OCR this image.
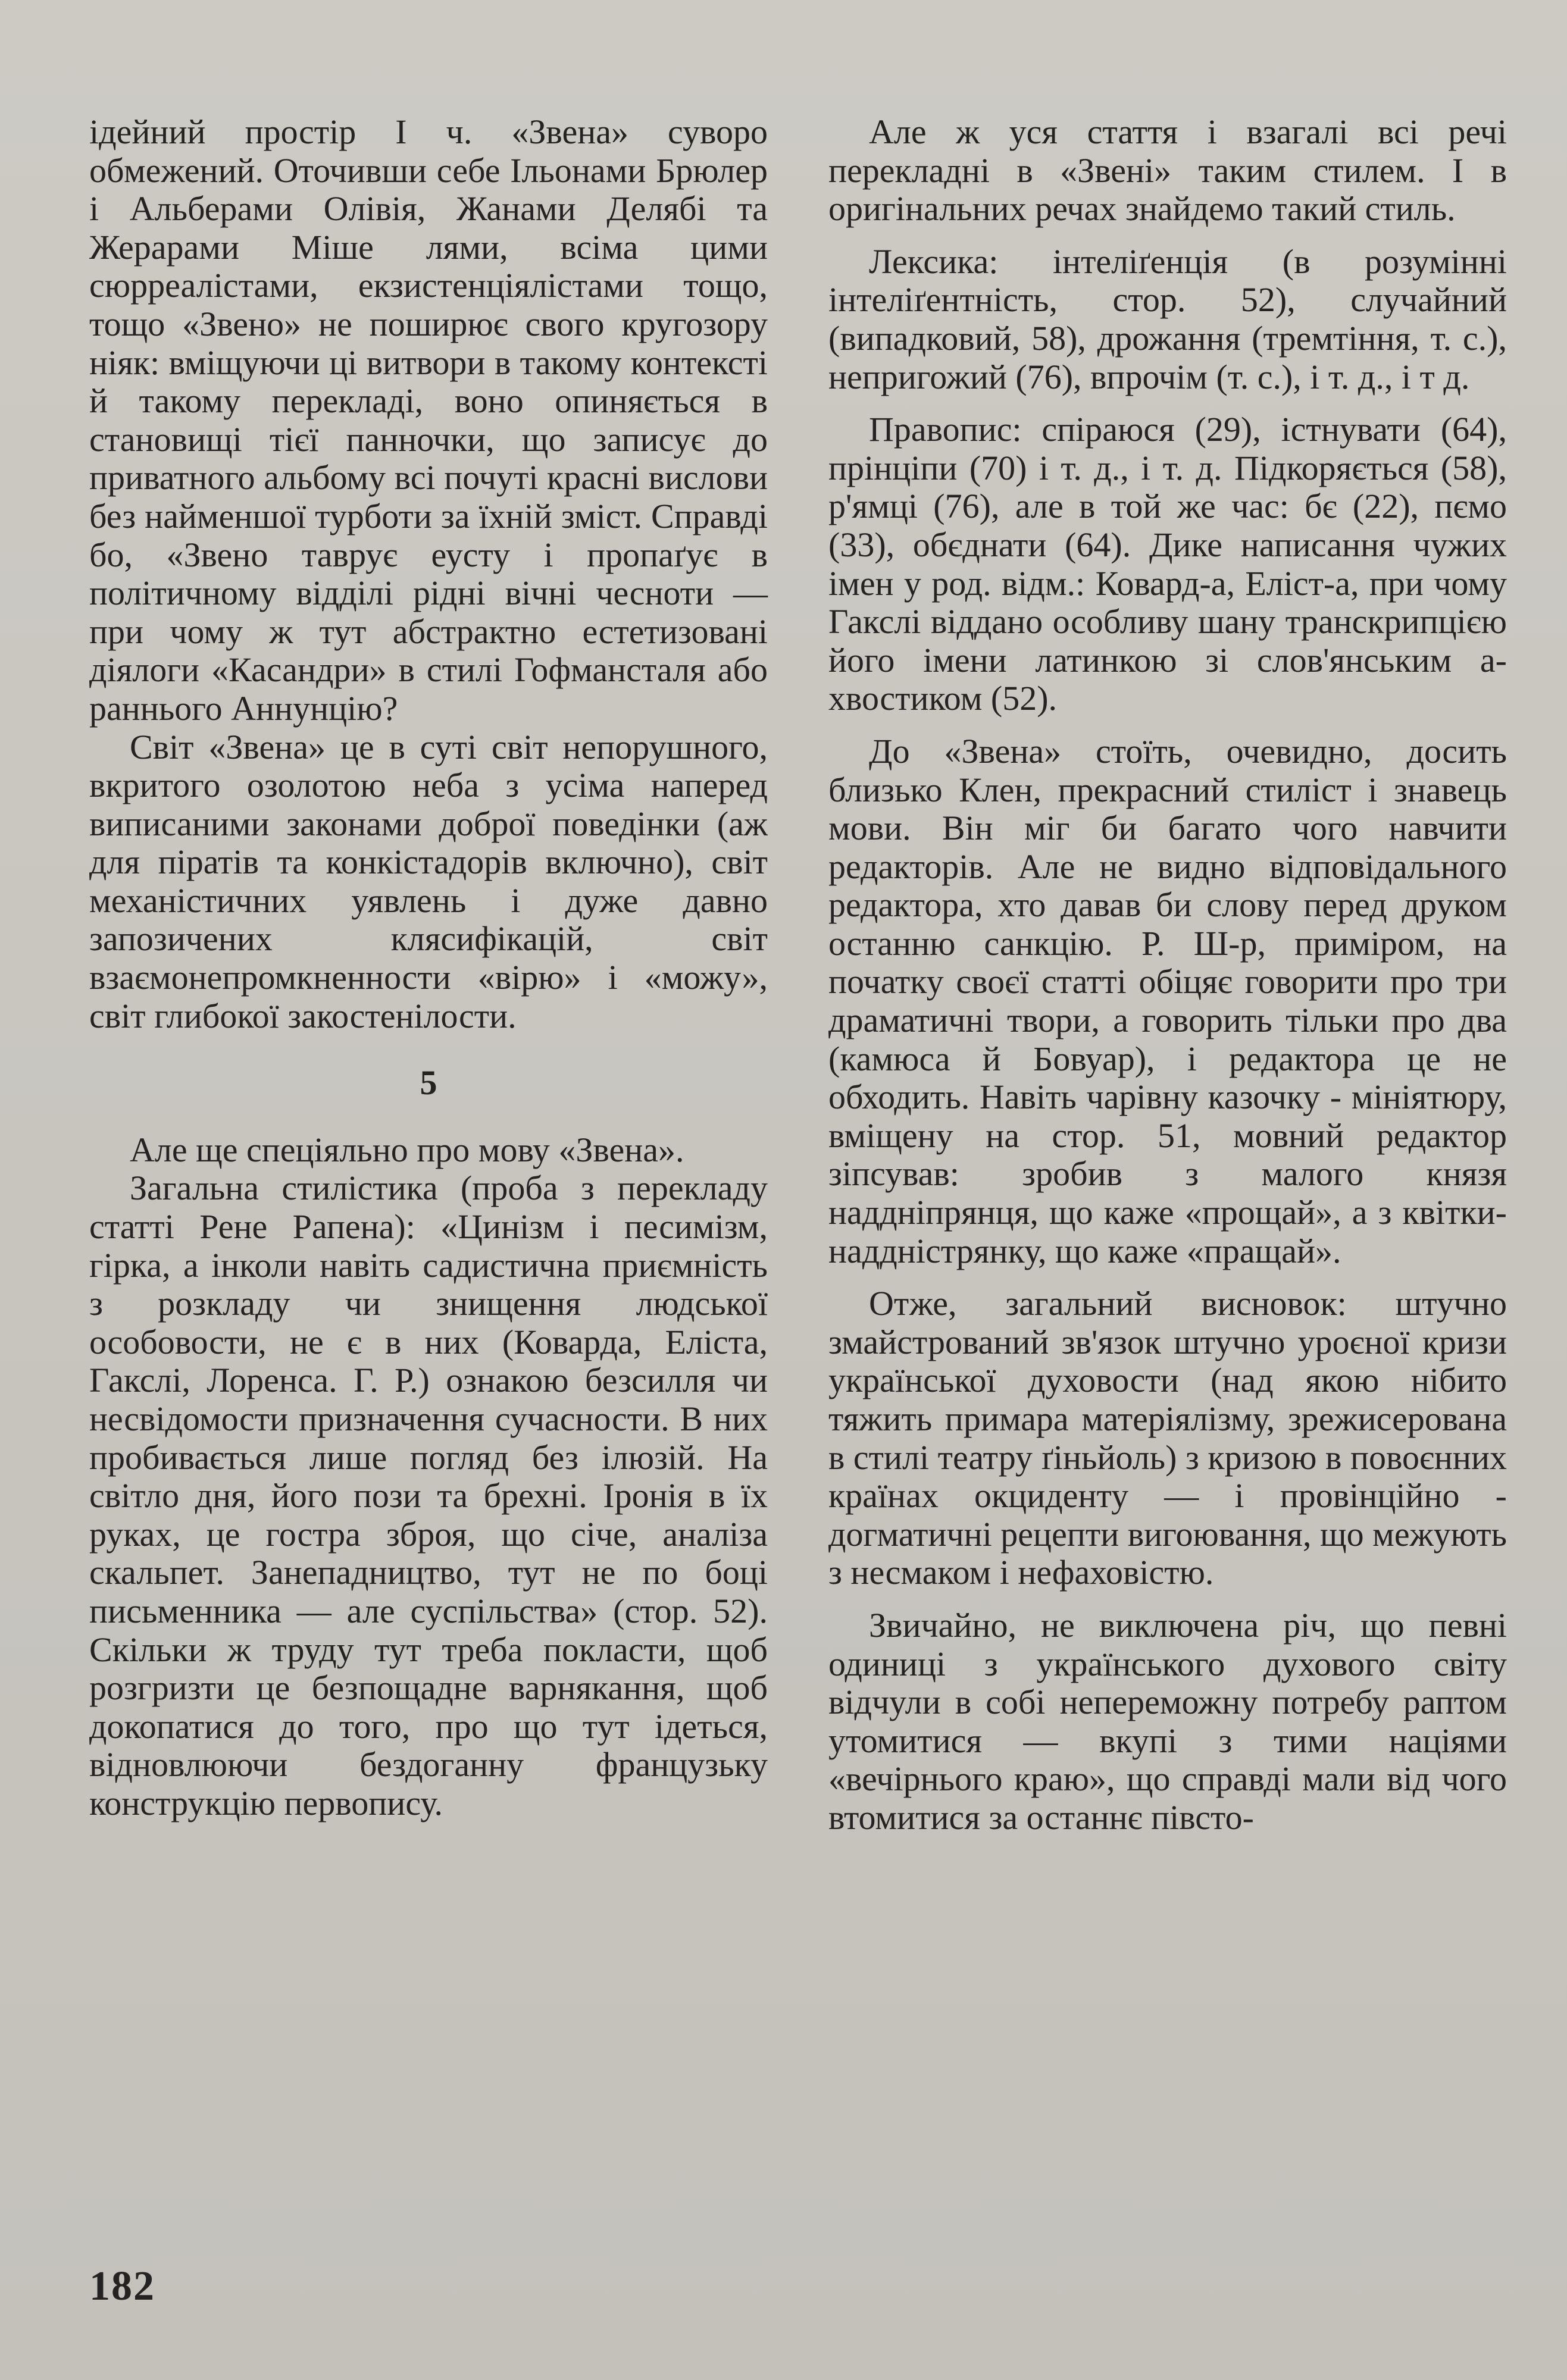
ідейний простір І ч. «Звена» суворо обмежений. Оточивши себе Ільонами Брюлер і Альберами Олівія, Жанами Делябі та Жерарами Міше лями, всіма цими сюрреалістами, екзистенціялістами тощо, тощо «Звено» не поширює свого кругозору ніяк: вміщуючи ці витвори в такому контексті й такому перекладі, воно опиняється в становищі тієї панночки, що записує до приватного альбому всі почуті красні вислови без найменшої турботи за їхній зміст. Справді бо, «Звено таврує еусту і пропаґує в політичному відділі рідні вічні чесноти — при чому ж тут абстрактно естетизовані діялоги «Касандри» в стилі Гофмансталя або раннього Аннунцію?

Світ «Звена» це в суті світ непорушного, вкритого озолотою неба з усіма наперед виписаними законами доброї поведінки (аж для піратів та конкістадорів включно), світ механістичних уявлень і дуже давно запозичених клясифікацій, світ взаємонепромкненности «вірю» і «можу», світ глибокої закостенілости.

5

Але ще спеціяльно про мову «Звена».

Загальна стилістика (проба з перекладу статті Рене Рапена): «Цинізм і песимізм, гірка, а інколи навіть садистична приємність з розкладу чи знищення людської особовости, не є в них (Коварда, Еліста, Гакслі, Лоренса. Г. Р.) ознакою безсилля чи несвідомости призначення сучасности. В них пробивається лише погляд без ілюзій. На світло дня, його пози та брехні. Іронія в їх руках, це гостра зброя, що січе, аналіза скальпет. Занепадництво, тут не по боці письменника — але суспільства» (стор. 52). Скільки ж труду тут треба покласти, щоб розгризти це безпощадне варнякання, щоб докопатися до того, про що тут ідеться, відновлюючи бездоганну французьку конструкцію первопису.

Але ж уся стаття і взагалі всі речі перекладні в «Звені» таким стилем. І в оригінальних речах знайдемо такий стиль.

Лексика: інтеліґенція (в розумінні інтеліґентність, стор. 52), случайний (випадковий, 58), дрожання (тремтіння, т. с.), непригожий (76), впрочім (т. с.), і т. д., і т д.

Правопис: спіраюся (29), істнувати (64), прінціпи (70) і т. д., і т. д. Підкоряється (58), р'ямці (76), але в той же час: бє (22), пємо (33), обєднати (64). Дике написання чужих імен у род. відм.: Ковард-а, Еліст-а, при чому Гакслі віддано особливу шану транскрипцією його імени латинкою зі слов'янським а-хвостиком (52).

До «Звена» стоїть, очевидно, досить близько Клен, прекрасний стиліст і знавець мови. Він міг би багато чого навчити редакторів. Але не видно відповідального редактора, хто давав би слову перед друком останню санкцію. Р. Ш-р, приміром, на початку своєї статті обіцяє говорити про три драматичні твори, а говорить тільки про два (камюса й Бовуар), і редактора це не обходить. Навіть чарівну казочку - мініятюру, вміщену на стор. 51, мовний редактор зіпсував: зробив з малого князя наддніпрянця, що каже «прощай», а з квітки-наддністрянку, що каже «пращай».

Отже, загальний висновок: штучно змайстрований зв'язок штучно уроєної кризи української духовости (над якою нібито тяжить примара матеріялізму, зрежисерована в стилі театру ґіньйоль) з кризою в повоєнних країнах окциденту — і провінційно - догматичні рецепти вигоювання, що межують з несмаком і нефаховістю.

Звичайно, не виключена річ, що певні одиниці з українського духового світу відчули в собі непереможну потребу раптом утомитися — вкупі з тими націями «вечірнього краю», що справді мали від чого втомитися за останнє півсто-

182
